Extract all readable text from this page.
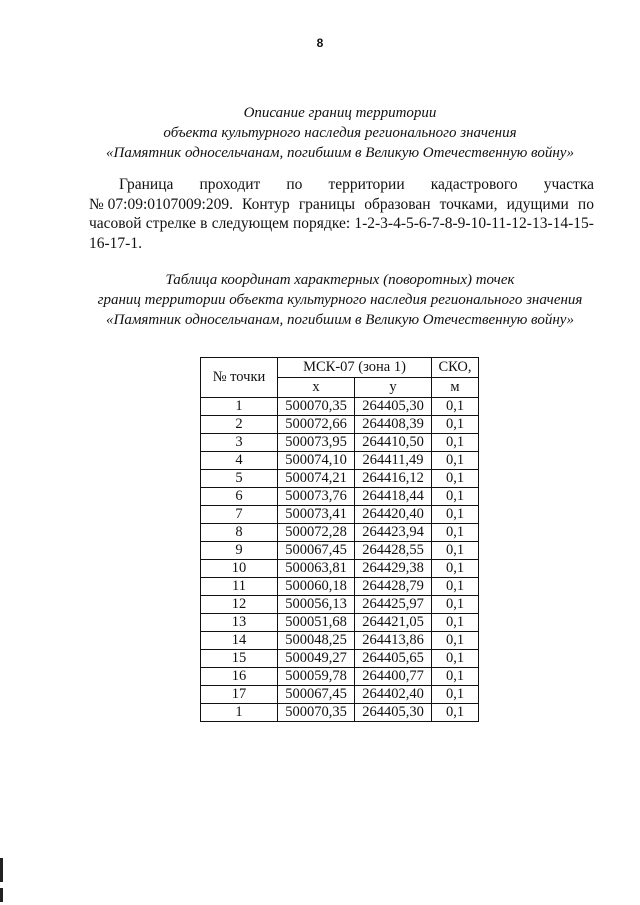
8
Описание границ территории
объекта культурного наследия регионального значения
«Памятник односельчанам, погибшим в Великую Отечественную войну»
Граница проходит по территории кадастрового участка
№ 07:09:0107009:209. Контур границы образован точками, идущими по
часовой стрелке в следующем порядке: 1-2-3-4-5-6-7-8-9-10-11-12-13-14-15-
16-17-1.
Таблица координат характерных (поворотных) точек
границ территории объекта культурного наследия регионального значения
«Памятник односельчанам, погибшим в Великую Отечественную войну»
№ точки	МСК-07 (зона 1)		СКО,
	x	y	м
1	500070,35	264405,30	0,1
2	500072,66	264408,39	0,1
3	500073,95	264410,50	0,1
4	500074,10	264411,49	0,1
5	500074,21	264416,12	0,1
6	500073,76	264418,44	0,1
7	500073,41	264420,40	0,1
8	500072,28	264423,94	0,1
9	500067,45	264428,55	0,1
10	500063,81	264429,38	0,1
11	500060,18	264428,79	0,1
12	500056,13	264425,97	0,1
13	500051,68	264421,05	0,1
14	500048,25	264413,86	0,1
15	500049,27	264405,65	0,1
16	500059,78	264400,77	0,1
17	500067,45	264402,40	0,1
1	500070,35	264405,30	0,1
